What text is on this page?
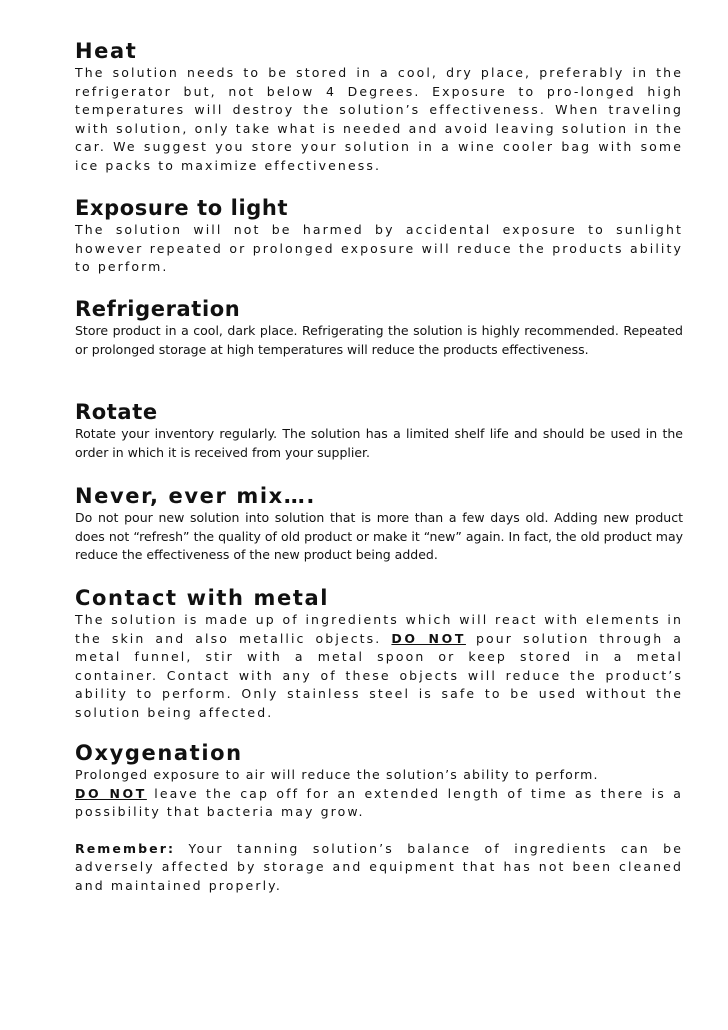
Heat

The solution needs to be stored in a cool, dry place, preferably in the refrigerator but, not below 4 Degrees. Exposure to pro-longed high temperatures will destroy the solution’s effectiveness. When traveling with solution, only take what is needed and avoid leaving solution in the car. We suggest you store your solution in a wine cooler bag with some ice packs to maximize effectiveness.

Exposure to light

The solution will not be harmed by accidental exposure to sunlight however repeated or prolonged exposure will reduce the products ability to perform.

Refrigeration

Store product in a cool, dark place. Refrigerating the solution is highly recommended. Repeated or prolonged storage at high temperatures will reduce the products effectiveness.

Rotate

Rotate your inventory regularly. The solution has a limited shelf life and should be used in the order in which it is received from your supplier.

Never, ever mix….

Do not pour new solution into solution that is more than a few days old. Adding new product does not “refresh” the quality of old product or make it “new” again. In fact, the old product may reduce the effectiveness of the new product being added.

Contact with metal

The solution is made up of ingredients which will react with elements in the skin and also metallic objects. DO NOT pour solution through a metal funnel, stir with a metal spoon or keep stored in a metal container. Contact with any of these objects will reduce the product’s ability to perform. Only stainless steel is safe to be used without the solution being affected.

Oxygenation

Prolonged exposure to air will reduce the solution’s ability to perform.

DO NOT leave the cap off for an extended length of time as there is a possibility that bacteria may grow.

Remember: Your tanning solution’s balance of ingredients can be adversely affected by storage and equipment that has not been cleaned and maintained properly.
